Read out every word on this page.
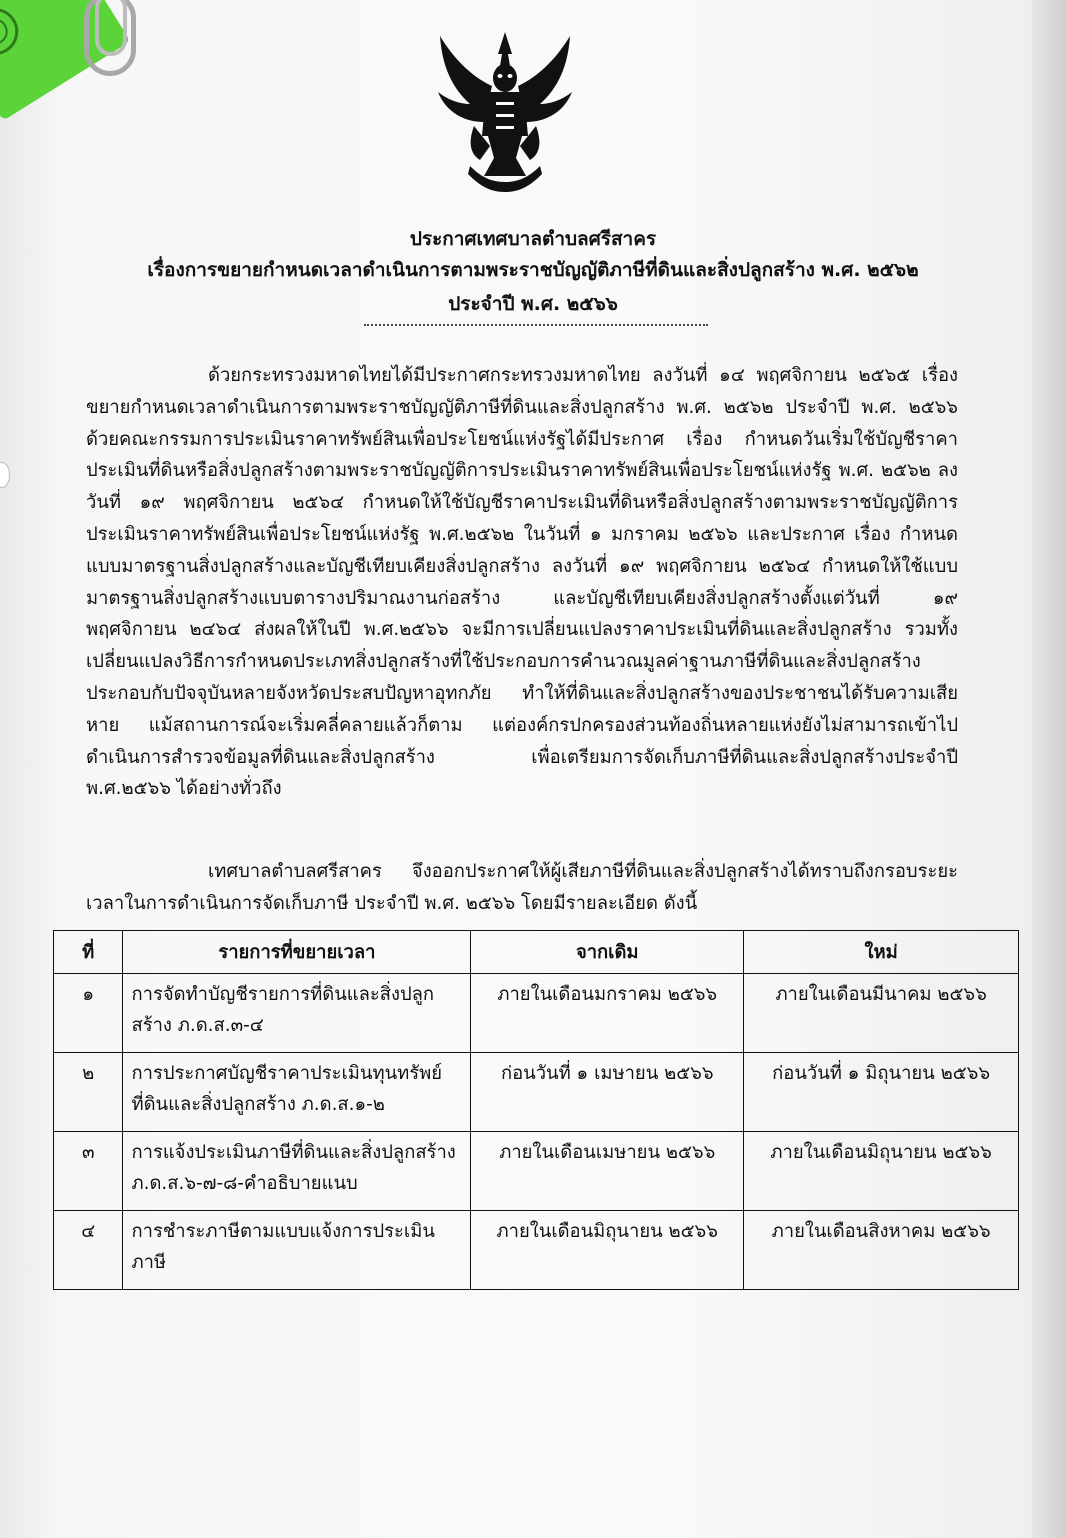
ประกาศเทศบาลตำบลศรีสาคร
เรื่องการขยายกำหนดเวลาดำเนินการตามพระราชบัญญัติภาษีที่ดินและสิ่งปลูกสร้าง พ.ศ. ๒๕๖๒
ประจำปี พ.ศ. ๒๕๖๖
ด้วยกระทรวงมหาดไทยได้มีประกาศกระทรวงมหาดไทย ลงวันที่ ๑๔ พฤศจิกายน ๒๕๖๕ เรื่องขยายกำหนดเวลาดำเนินการตามพระราชบัญญัติภาษีที่ดินและสิ่งปลูกสร้าง พ.ศ. ๒๕๖๒ ประจำปี พ.ศ. ๒๕๖๖ ด้วยคณะกรรมการประเมินราคาทรัพย์สินเพื่อประโยชน์แห่งรัฐได้มีประกาศ เรื่อง กำหนดวันเริ่มใช้บัญชีราคาประเมินที่ดินหรือสิ่งปลูกสร้างตามพระราชบัญญัติการประเมินราคาทรัพย์สินเพื่อประโยชน์แห่งรัฐ พ.ศ. ๒๕๖๒ ลงวันที่ ๑๙ พฤศจิกายน ๒๕๖๔ กำหนดให้ใช้บัญชีราคาประเมินที่ดินหรือสิ่งปลูกสร้างตามพระราชบัญญัติการประเมินราคาทรัพย์สินเพื่อประโยชน์แห่งรัฐ พ.ศ.๒๕๖๒ ในวันที่ ๑ มกราคม ๒๕๖๖ และประกาศ เรื่อง กำหนดแบบมาตรฐานสิ่งปลูกสร้างและบัญชีเทียบเคียงสิ่งปลูกสร้าง ลงวันที่ ๑๙ พฤศจิกายน ๒๕๖๔ กำหนดให้ใช้แบบมาตรฐานสิ่งปลูกสร้างแบบตารางปริมาณงานก่อสร้าง และบัญชีเทียบเคียงสิ่งปลูกสร้างตั้งแต่วันที่ ๑๙ พฤศจิกายน ๒๔๖๔ ส่งผลให้ในปี พ.ศ.๒๕๖๖ จะมีการเปลี่ยนแปลงราคาประเมินที่ดินและสิ่งปลูกสร้าง รวมทั้งเปลี่ยนแปลงวิธีการกำหนดประเภทสิ่งปลูกสร้างที่ใช้ประกอบการคำนวณมูลค่าฐานภาษีที่ดินและสิ่งปลูกสร้าง ประกอบกับปัจจุบันหลายจังหวัดประสบปัญหาอุทกภัย ทำให้ที่ดินและสิ่งปลูกสร้างของประชาชนได้รับความเสียหาย แม้สถานการณ์จะเริ่มคลี่คลายแล้วก็ตาม แต่องค์กรปกครองส่วนท้องถิ่นหลายแห่งยังไม่สามารถเข้าไปดำเนินการสำรวจข้อมูลที่ดินและสิ่งปลูกสร้าง เพื่อเตรียมการจัดเก็บภาษีที่ดินและสิ่งปลูกสร้างประจำปี พ.ศ.๒๕๖๖ ได้อย่างทั่วถึง
เทศบาลตำบลศรีสาคร จึงออกประกาศให้ผู้เสียภาษีที่ดินและสิ่งปลูกสร้างได้ทราบถึงกรอบระยะเวลาในการดำเนินการจัดเก็บภาษี ประจำปี พ.ศ. ๒๕๖๖ โดยมีรายละเอียด ดังนี้
ที่	รายการที่ขยายเวลา	จากเดิม	ใหม่
๑	การจัดทำบัญชีรายการที่ดินและสิ่งปลูกสร้าง ภ.ด.ส.๓-๔	ภายในเดือนมกราคม ๒๕๖๖	ภายในเดือนมีนาคม ๒๕๖๖
๒	การประกาศบัญชีราคาประเมินทุนทรัพย์ที่ดินและสิ่งปลูกสร้าง ภ.ด.ส.๑-๒	ก่อนวันที่ ๑ เมษายน ๒๕๖๖	ก่อนวันที่ ๑ มิถุนายน ๒๕๖๖
๓	การแจ้งประเมินภาษีที่ดินและสิ่งปลูกสร้าง ภ.ด.ส.๖-๗-๘-คำอธิบายแนบ	ภายในเดือนเมษายน ๒๕๖๖	ภายในเดือนมิถุนายน ๒๕๖๖
๔	การชำระภาษีตามแบบแจ้งการประเมินภาษี	ภายในเดือนมิถุนายน ๒๕๖๖	ภายในเดือนสิงหาคม ๒๕๖๖
